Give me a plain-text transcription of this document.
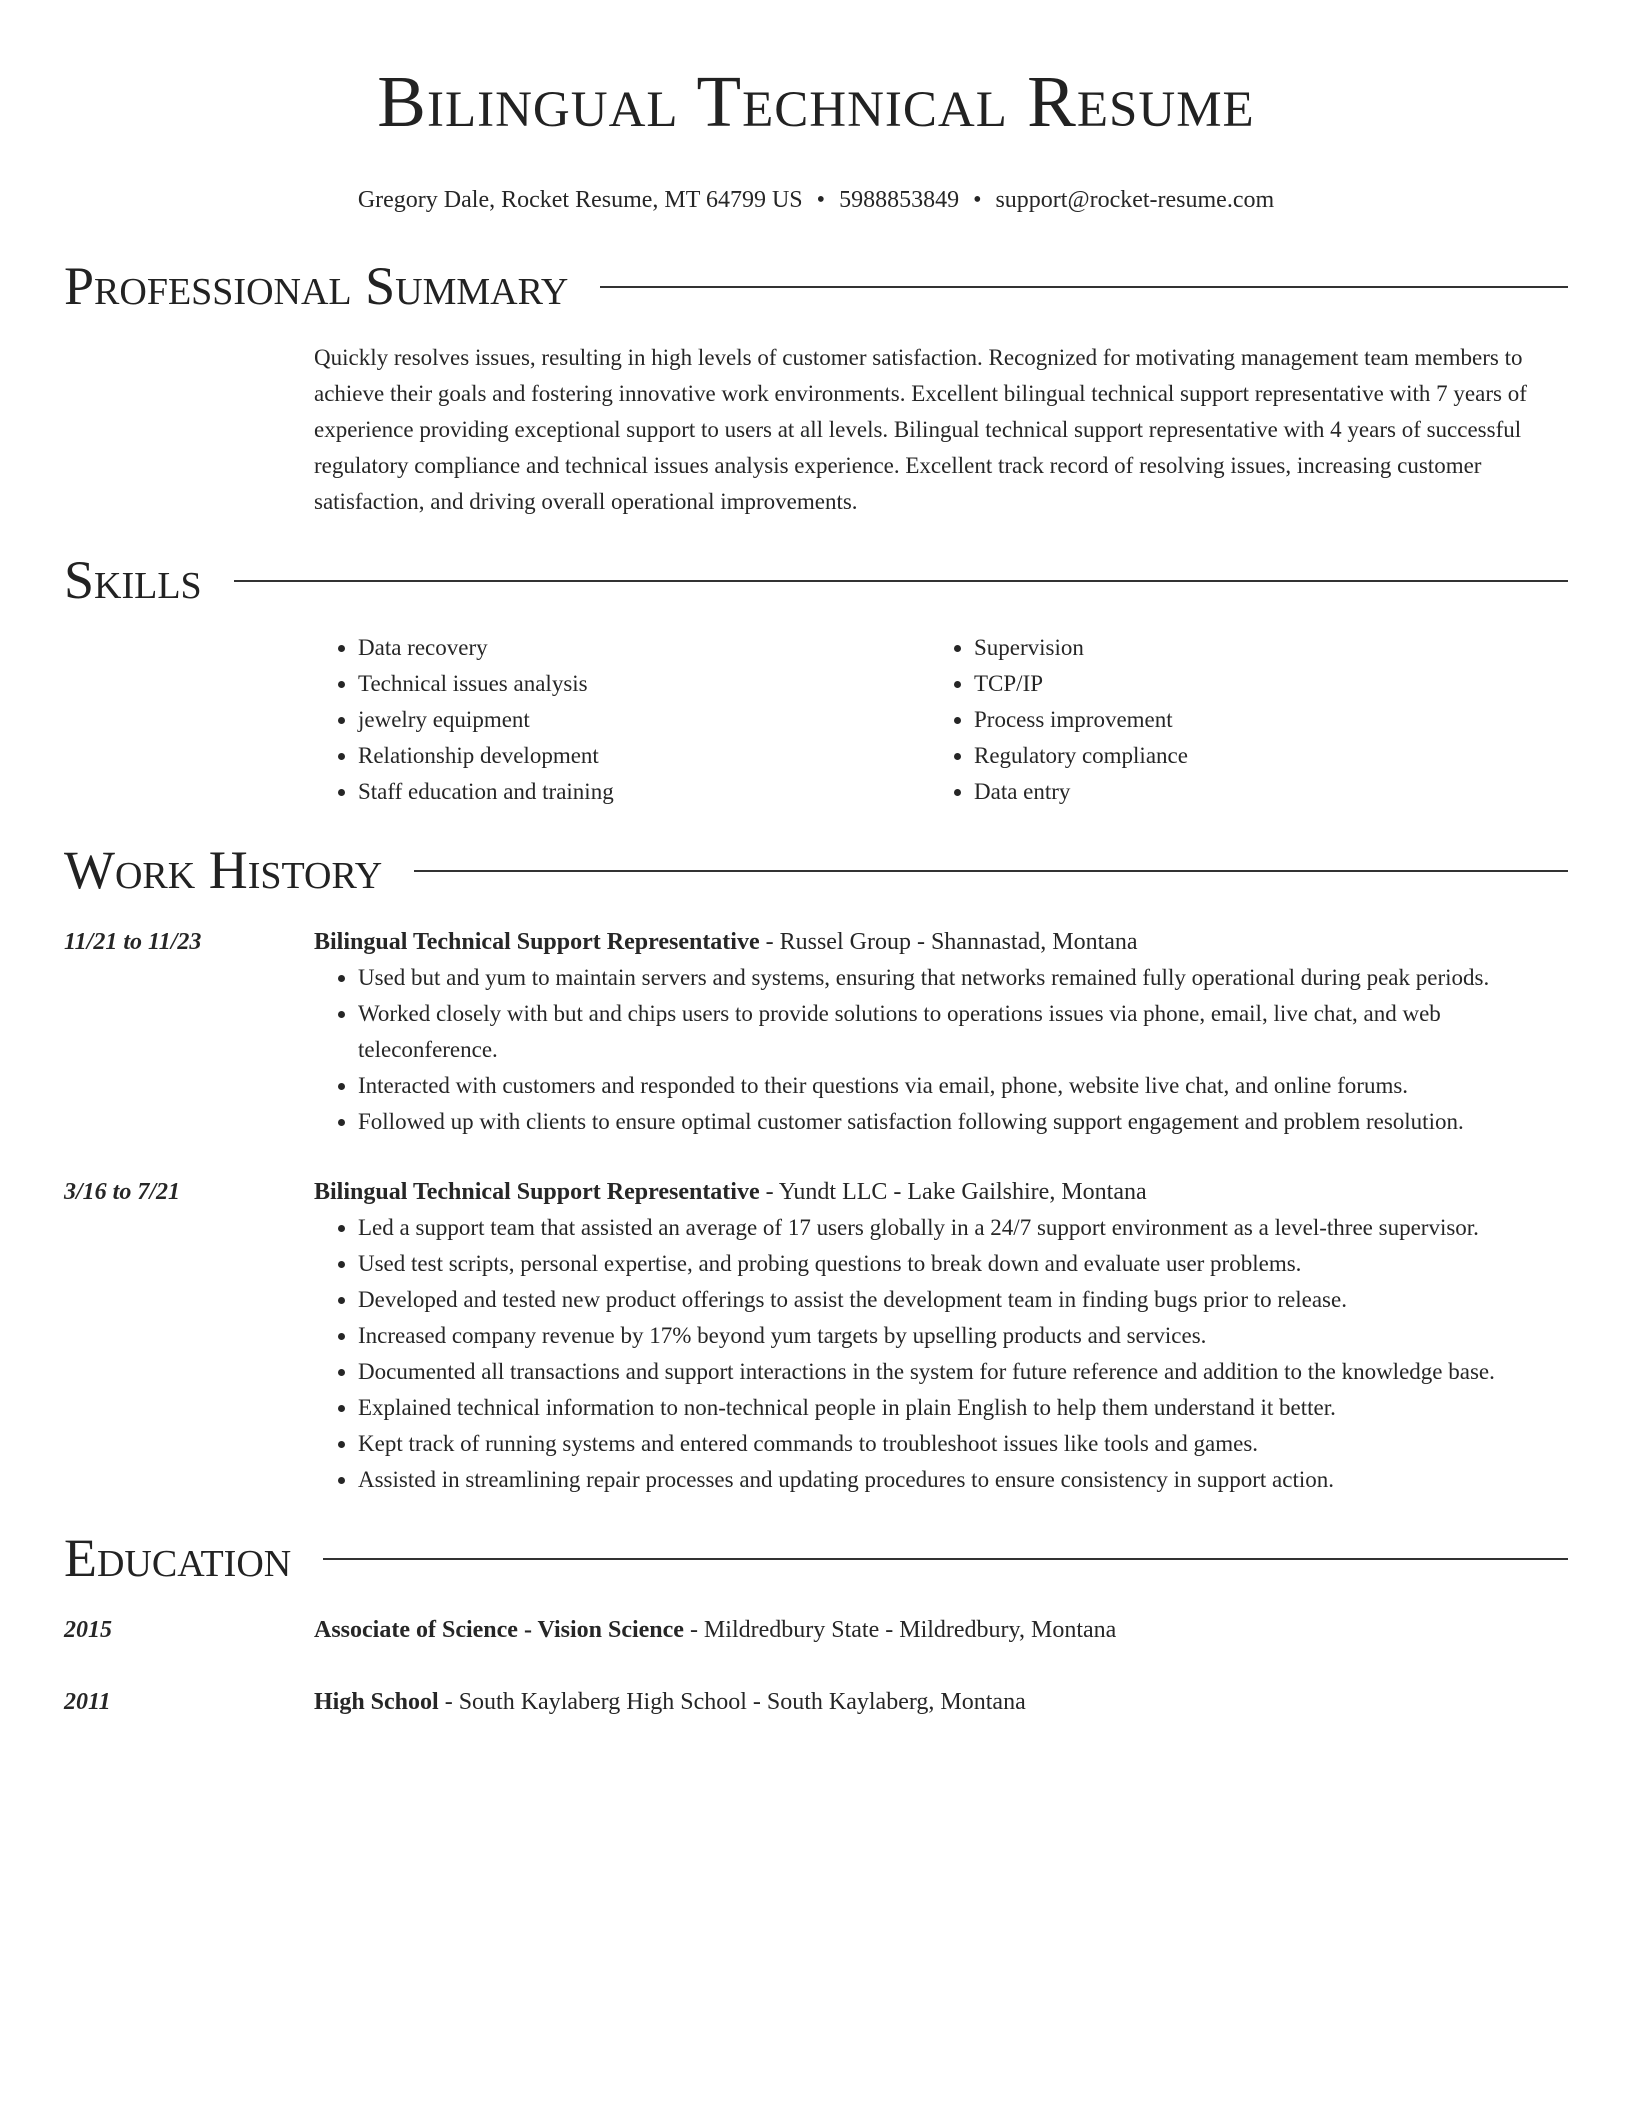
Bilingual Technical Resume
Gregory Dale, Rocket Resume, MT 64799 US • 5988853849 • support@rocket-resume.com
Professional Summary
Quickly resolves issues, resulting in high levels of customer satisfaction. Recognized for motivating management team members to achieve their goals and fostering innovative work environments. Excellent bilingual technical support representative with 7 years of experience providing exceptional support to users at all levels. Bilingual technical support representative with 4 years of successful regulatory compliance and technical issues analysis experience. Excellent track record of resolving issues, increasing customer satisfaction, and driving overall operational improvements.
Skills
• Data recovery
• Technical issues analysis
• jewelry equipment
• Relationship development
• Staff education and training
• Supervision
• TCP/IP
• Process improvement
• Regulatory compliance
• Data entry
Work History
11/21 to 11/23	Bilingual Technical Support Representative - Russel Group - Shannastad, Montana
• Used but and yum to maintain servers and systems, ensuring that networks remained fully operational during peak periods.
• Worked closely with but and chips users to provide solutions to operations issues via phone, email, live chat, and web teleconference.
• Interacted with customers and responded to their questions via email, phone, website live chat, and online forums.
• Followed up with clients to ensure optimal customer satisfaction following support engagement and problem resolution.
3/16 to 7/21	Bilingual Technical Support Representative - Yundt LLC - Lake Gailshire, Montana
• Led a support team that assisted an average of 17 users globally in a 24/7 support environment as a level-three supervisor.
• Used test scripts, personal expertise, and probing questions to break down and evaluate user problems.
• Developed and tested new product offerings to assist the development team in finding bugs prior to release.
• Increased company revenue by 17% beyond yum targets by upselling products and services.
• Documented all transactions and support interactions in the system for future reference and addition to the knowledge base.
• Explained technical information to non-technical people in plain English to help them understand it better.
• Kept track of running systems and entered commands to troubleshoot issues like tools and games.
• Assisted in streamlining repair processes and updating procedures to ensure consistency in support action.
Education
2015	Associate of Science - Vision Science - Mildredbury State - Mildredbury, Montana
2011	High School - South Kaylaberg High School - South Kaylaberg, Montana
